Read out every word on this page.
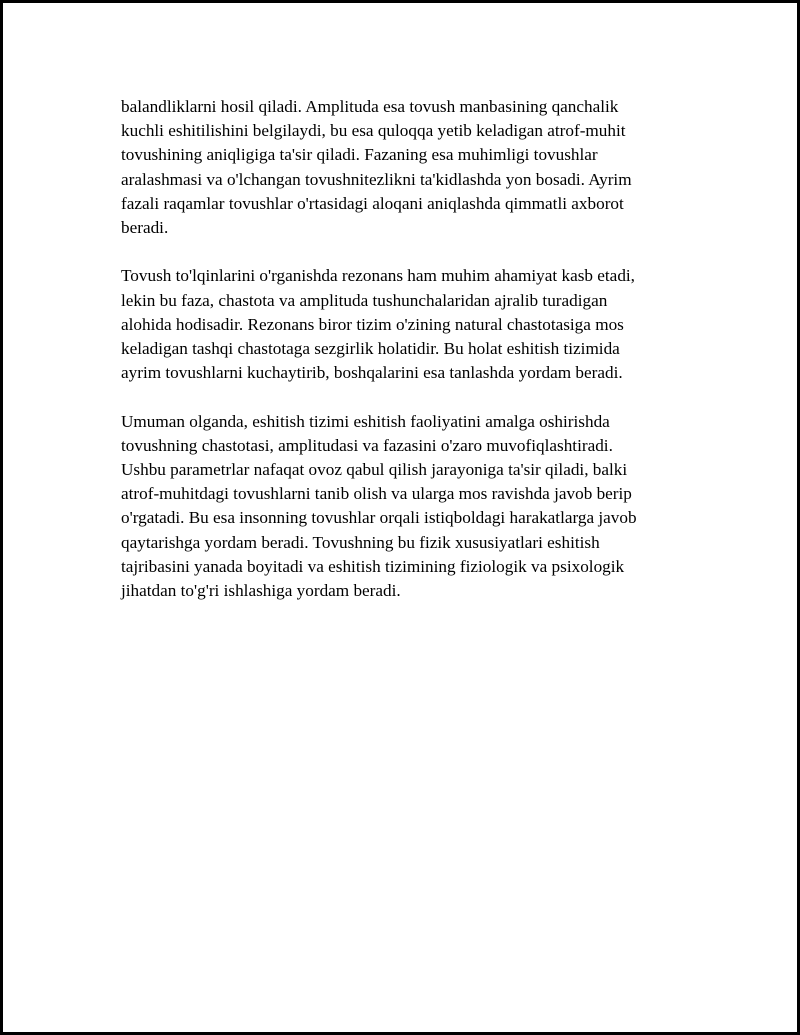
balandliklarni hosil qiladi. Amplituda esa tovush manbasining qanchalik
kuchli eshitilishini belgilaydi, bu esa quloqqa yetib keladigan atrof-muhit
tovushining aniqligiga ta'sir qiladi. Fazaning esa muhimligi tovushlar
aralashmasi va o'lchangan tovushnitezlikni ta'kidlashda yon bosadi. Ayrim
fazali raqamlar tovushlar o'rtasidagi aloqani aniqlashda qimmatli axborot
beradi.

Tovush to'lqinlarini o'rganishda rezonans ham muhim ahamiyat kasb etadi,
lekin bu faza, chastota va amplituda tushunchalaridan ajralib turadigan
alohida hodisadir. Rezonans biror tizim o'zining natural chastotasiga mos
keladigan tashqi chastotaga sezgirlik holatidir. Bu holat eshitish tizimida
ayrim tovushlarni kuchaytirib, boshqalarini esa tanlashda yordam beradi.

Umuman olganda, eshitish tizimi eshitish faoliyatini amalga oshirishda
tovushning chastotasi, amplitudasi va fazasini o'zaro muvofiqlashtiradi.
Ushbu parametrlar nafaqat ovoz qabul qilish jarayoniga ta'sir qiladi, balki
atrof-muhitdagi tovushlarni tanib olish va ularga mos ravishda javob berip
o'rgatadi. Bu esa insonning tovushlar orqali istiqboldagi harakatlarga javob
qaytarishga yordam beradi. Tovushning bu fizik xususiyatlari eshitish
tajribasini yanada boyitadi va eshitish tizimining fiziologik va psixologik
jihatdan to'g'ri ishlashiga yordam beradi.
